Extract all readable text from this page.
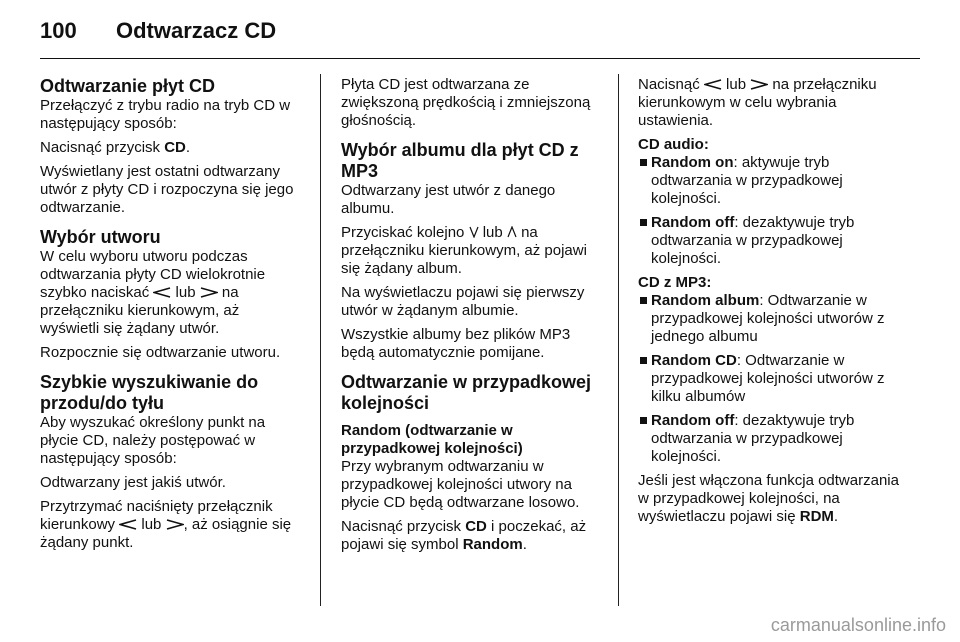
100 Odtwarzacz CD
Odtwarzanie płyt CD

Przełączyć z trybu radio na tryb CD w następujący sposób:

Nacisnąć przycisk CD.

Wyświetlany jest ostatni odtwarzany utwór z płyty CD i rozpoczyna się jego odtwarzanie.

Wybór utworu

W celu wyboru utworu podczas odtwarzania płyty CD wielokrotnie szybko naciskać  lub  na przełączniku kierunkowym, aż wyświetli się żądany utwór.

Rozpocznie się odtwarzanie utworu.

Szybkie wyszukiwanie do przodu/do tyłu

Aby wyszukać określony punkt na płycie CD, należy postępować w następujący sposób:

Odtwarzany jest jakiś utwór.

Przytrzymać naciśnięty przełącznik kierunkowy  lub , aż osiągnie się żądany punkt.

Płyta CD jest odtwarzana ze zwiększoną prędkością i zmniejszoną głośnością.

Wybór albumu dla płyt CD z MP3

Odtwarzany jest utwór z danego albumu.

Przyciskać kolejno  lub  na przełączniku kierunkowym, aż pojawi się żądany album.

Na wyświetlaczu pojawi się pierwszy utwór w żądanym albumie.

Wszystkie albumy bez plików MP3 będą automatycznie pomijane.

Odtwarzanie w przypadkowej kolejności
Random (odtwarzanie w przypadkowej kolejności)

Przy wybranym odtwarzaniu w przypadkowej kolejności utwory na płycie CD będą odtwarzane losowo.

Nacisnąć przycisk CD i poczekać, aż pojawi się symbol Random.

Nacisnąć  lub  na przełączniku kierunkowym w celu wybrania ustawienia.

CD audio:

Random on: aktywuje tryb odtwarzania w przypadkowej kolejności.
Random off: dezaktywuje tryb odtwarzania w przypadkowej kolejności.

CD z MP3:

Random album: Odtwarzanie w przypadkowej kolejności utworów z jednego albumu
Random CD: Odtwarzanie w przypadkowej kolejności utworów z kilku albumów
Random off: dezaktywuje tryb odtwarzania w przypadkowej kolejności.

Jeśli jest włączona funkcja odtwarzania w przypadkowej kolejności, na wyświetlaczu pojawi się RDM.

carmanualsonline.info
